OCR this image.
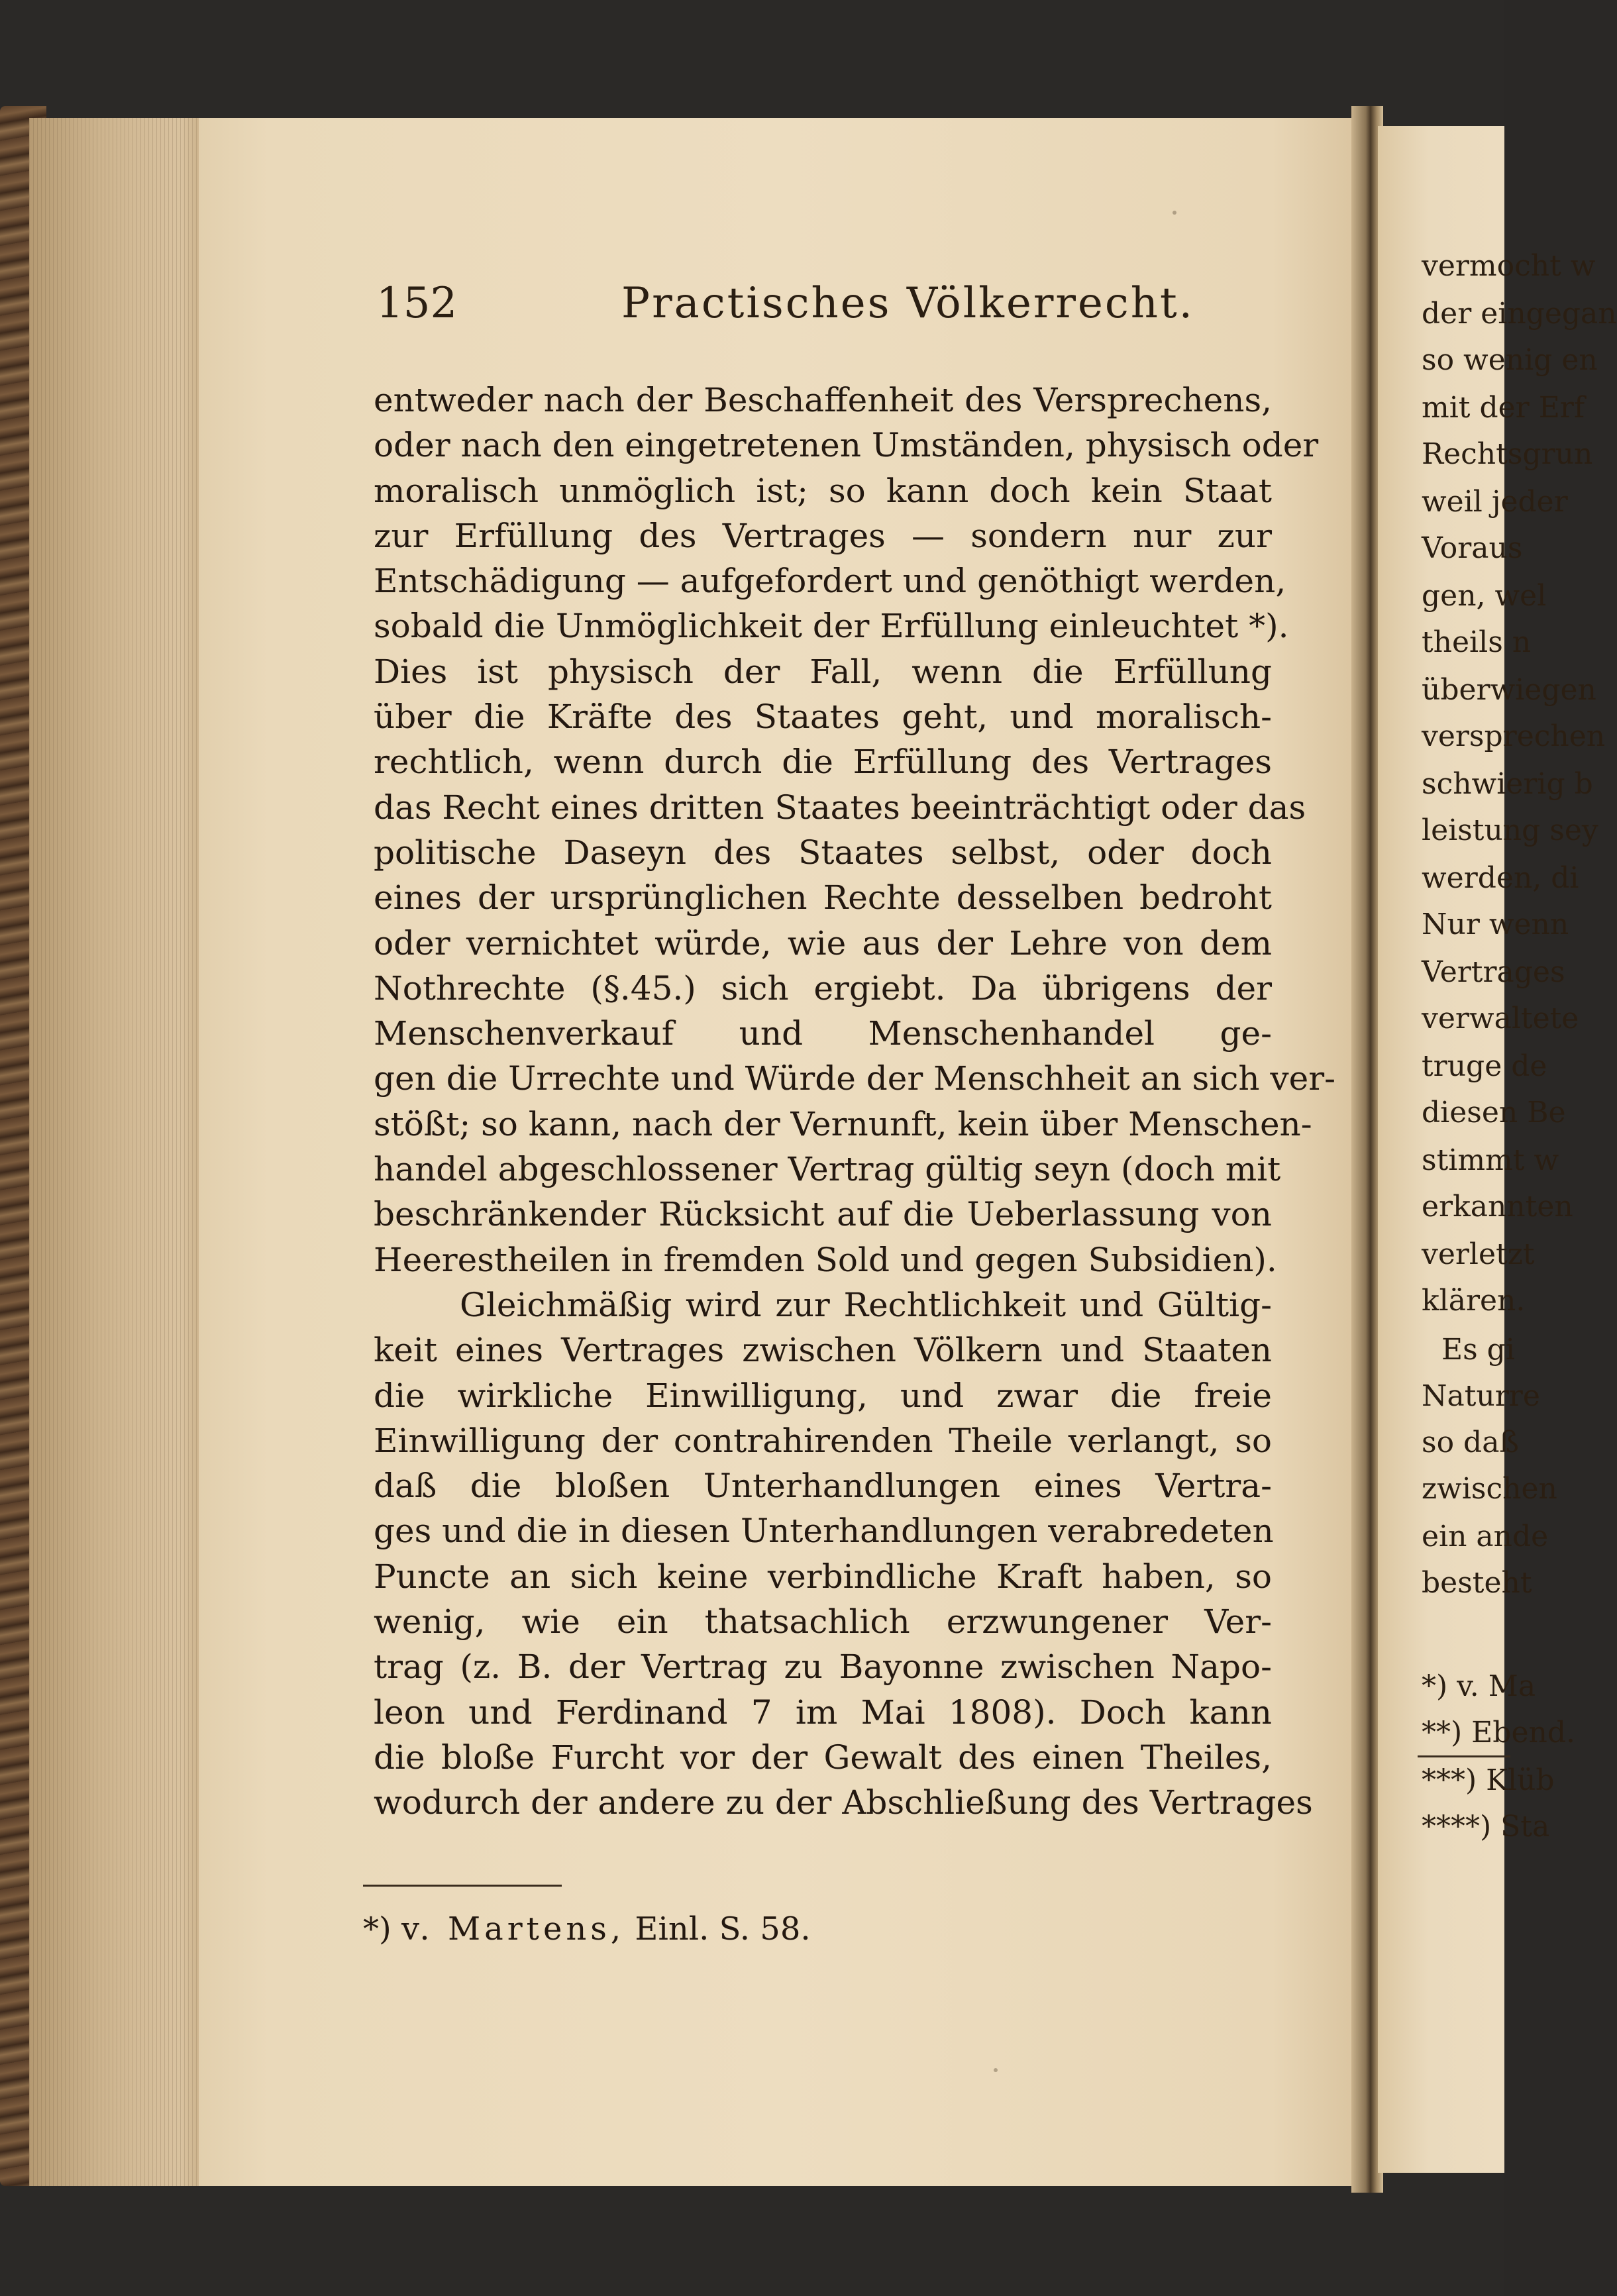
vermocht w
der eingegan
so wenig en
mit der Erf
Rechtsgrun
weil jeder
Voraus
gen, wel
theils n
überwiegen
versprechen
schwierig b
leistung sey
werden, di
Nur wenn
Vertrages
verwaltete
truge de
diesen Be
stimmt w
erkannten
verletzt
klären.
Es gi
Naturre
so daß
zwischen
ein ande
besteht
*) v. Ma
**) Ebend.
***) Klüb
****) Sta
152	Practisches Völkerrecht.
entweder nach der Beschaffenheit des Versprechens,
oder nach den eingetretenen Umständen, physisch oder
moralisch unmöglich ist; so kann doch kein Staat
zur Erfüllung des Vertrages — sondern nur zur
Entschädigung — aufgefordert und genöthigt werden,
sobald die Unmöglichkeit der Erfüllung einleuchtet *).
Dies ist physisch der Fall, wenn die Erfüllung
über die Kräfte des Staates geht, und moralisch-
rechtlich, wenn durch die Erfüllung des Vertrages
das Recht eines dritten Staates beeinträchtigt oder das
politische Daseyn des Staates selbst, oder doch
eines der ursprünglichen Rechte desselben bedroht
oder vernichtet würde, wie aus der Lehre von dem
Nothrechte (§.45.) sich ergiebt. Da übrigens der
Menschenverkauf und Menschenhandel ge-
gen die Urrechte und Würde der Menschheit an sich ver-
stößt; so kann, nach der Vernunft, kein über Menschen-
handel abgeschlossener Vertrag gültig seyn (doch mit
beschränkender Rücksicht auf die Ueberlassung von
Heerestheilen in fremden Sold und gegen Subsidien).
Gleichmäßig wird zur Rechtlichkeit und Gültig-
keit eines Vertrages zwischen Völkern und Staaten
die wirkliche Einwilligung, und zwar die freie
Einwilligung der contrahirenden Theile verlangt, so
daß die bloßen Unterhandlungen eines Vertra-
ges und die in diesen Unterhandlungen verabredeten
Puncte an sich keine verbindliche Kraft haben, so
wenig, wie ein thatsachlich erzwungener Ver-
trag (z. B. der Vertrag zu Bayonne zwischen Napo-
leon und Ferdinand 7 im Mai 1808). Doch kann
die bloße Furcht vor der Gewalt des einen Theiles,
wodurch der andere zu der Abschließung des Vertrages
*) v. Martens, Einl. S. 58.
